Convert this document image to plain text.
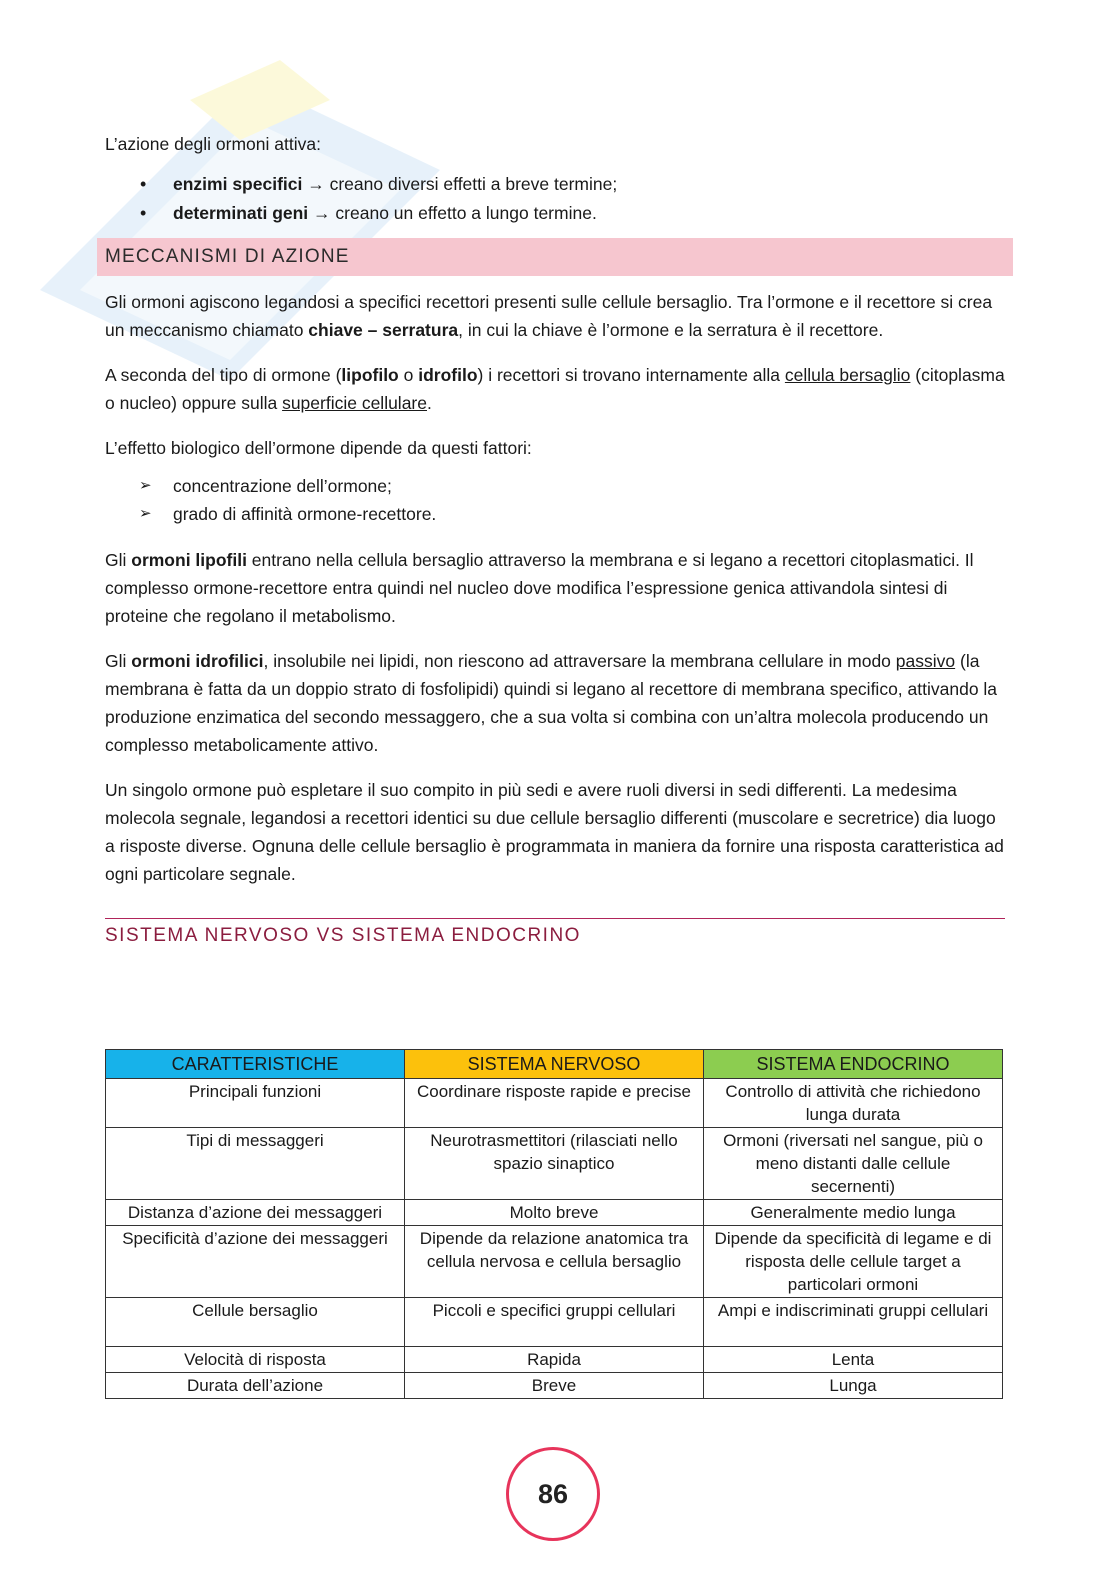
L’azione degli ormoni attiva:

• enzimi specifici → creano diversi effetti a breve termine;
• determinati geni → creano un effetto a lungo termine.
MECCANISMI DI AZIONE

Gli ormoni agiscono legandosi a specifici recettori presenti sulle cellule bersaglio. Tra l’ormone e il recettore si crea un meccanismo chiamato chiave – serratura, in cui la chiave è l’ormone e la serratura è il recettore.

A seconda del tipo di ormone (lipofilo o idrofilo) i recettori si trovano internamente alla cellula bersaglio (citoplasma o nucleo) oppure sulla superficie cellulare.

L’effetto biologico dell’ormone dipende da questi fattori:

➢ concentrazione dell’ormone;
➢ grado di affinità ormone-recettore.

Gli ormoni lipofili entrano nella cellula bersaglio attraverso la membrana e si legano a recettori citoplasmatici. Il complesso ormone-recettore entra quindi nel nucleo dove modifica l’espressione genica attivandola sintesi di proteine che regolano il metabolismo.

Gli ormoni idrofilici, insolubile nei lipidi, non riescono ad attraversare la membrana cellulare in modo passivo (la membrana è fatta da un doppio strato di fosfolipidi) quindi si legano al recettore di membrana specifico, attivando la produzione enzimatica del secondo messaggero, che a sua volta si combina con un’altra molecola producendo un complesso metabolicamente attivo.

Un singolo ormone può espletare il suo compito in più sedi e avere ruoli diversi in sedi differenti. La medesima molecola segnale, legandosi a recettori identici su due cellule bersaglio differenti (muscolare e secretrice) dia luogo a risposte diverse. Ognuna delle cellule bersaglio è programmata in maniera da fornire una risposta caratteristica ad ogni particolare segnale.

SISTEMA NERVOSO VS SISTEMA ENDOCRINO
CARATTERISTICHE	SISTEMA NERVOSO	SISTEMA ENDOCRINO
Principali funzioni	Coordinare risposte rapide e precise	Controllo di attività che richiedono lunga durata
Tipi di messaggeri	Neurotrasmettitori (rilasciati nello spazio sinaptico	Ormoni (riversati nel sangue, più o meno distanti dalle cellule secernenti)
Distanza d’azione dei messaggeri	Molto breve	Generalmente medio lunga
Specificità d’azione dei messaggeri	Dipende da relazione anatomica tra cellula nervosa e cellula bersaglio	Dipende da specificità di legame e di risposta delle cellule target a particolari ormoni
Cellule bersaglio	Piccoli e specifici gruppi cellulari	Ampi e indiscriminati gruppi cellulari
Velocità di risposta	Rapida	Lenta
Durata dell’azione	Breve	Lunga
86
